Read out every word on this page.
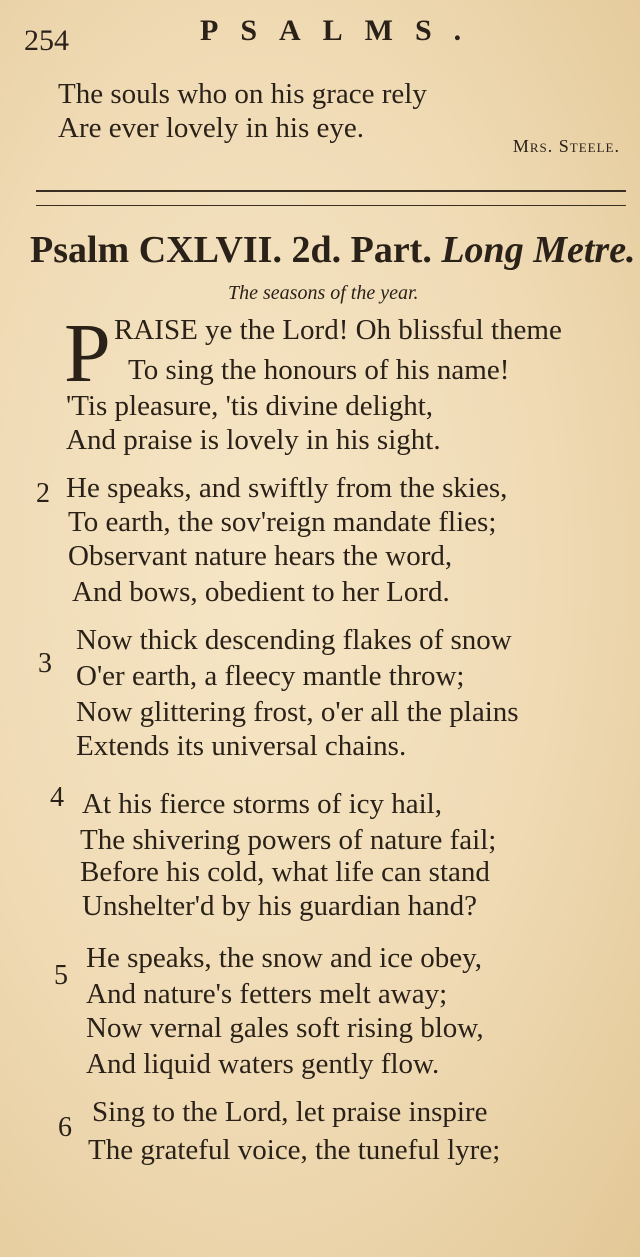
254	PSALMS.
The souls who on his grace rely
Are ever lovely in his eye.
Mrs. Steele.
Psalm CXLVII. 2d. Part. Long Metre.
The seasons of the year.
P RAISE ye the Lord! Oh blissful theme
To sing the honours of his name!
'Tis pleasure, 'tis divine delight,
And praise is lovely in his sight.
2 He speaks, and swiftly from the skies,
To earth, the sov'reign mandate flies;
Observant nature hears the word,
And bows, obedient to her Lord.
3
Now thick descending flakes of snow
O'er earth, a fleecy mantle throw;
Now glittering frost, o'er all the plains
Extends its universal chains.
4 At his fierce storms of icy hail,
The shivering powers of nature fail;
Before his cold, what life can stand
Unshelter'd by his guardian hand?
5
He speaks, the snow and ice obey,
And nature's fetters melt away;
Now vernal gales soft rising blow,
And liquid waters gently flow.
6 Sing to the Lord, let praise inspire
The grateful voice, the tuneful lyre;
